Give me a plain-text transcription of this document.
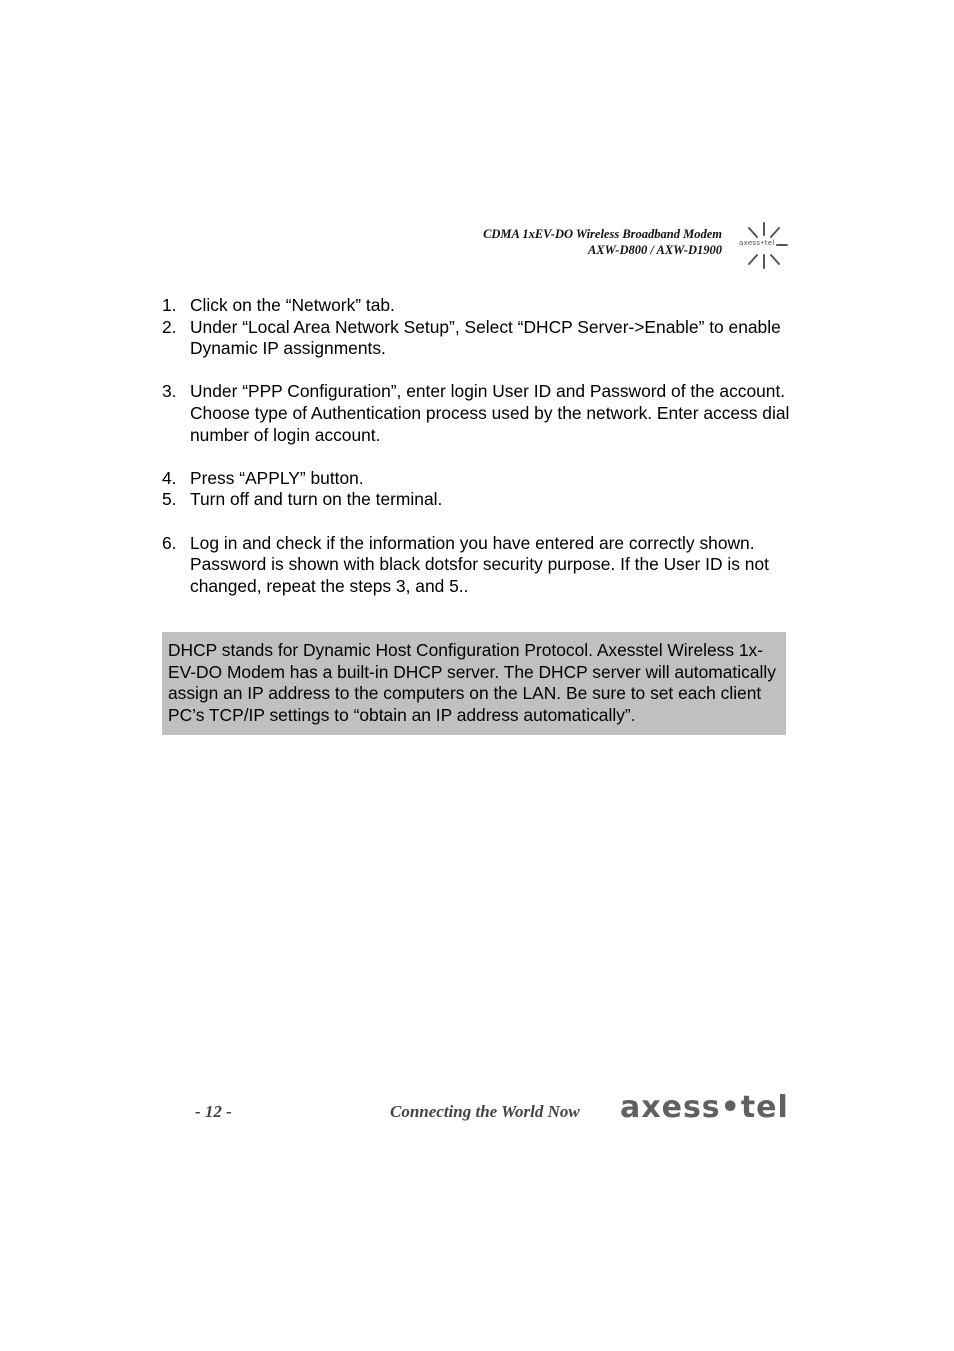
CDMA 1xEV-DO Wireless Broadband Modem
AXW-D800 / AXW-D1900 axess•tel
1. Click on the “Network” tab.
2. Under “Local Area Network Setup”, Select “DHCP Server->Enable” to enable Dynamic IP assignments.
3. Under “PPP Configuration”, enter login User ID and Password of the account. Choose type of Authentication process used by the network. Enter access dial number of login account.
4. Press “APPLY” button.
5. Turn off and turn on the terminal.
6. Log in and check if the information you have entered are correctly shown. Password is shown with black dotsfor security purpose. If the User ID is not changed, repeat the steps 3, and 5..
DHCP stands for Dynamic Host Configuration Protocol. Axesstel Wireless 1x-EV-DO Modem has a built-in DHCP server. The DHCP server will automatically assign an IP address to the computers on the LAN. Be sure to set each client PC’s TCP/IP settings to “obtain an IP address automatically”.
- 12 -	Connecting the World Now axess•tel
